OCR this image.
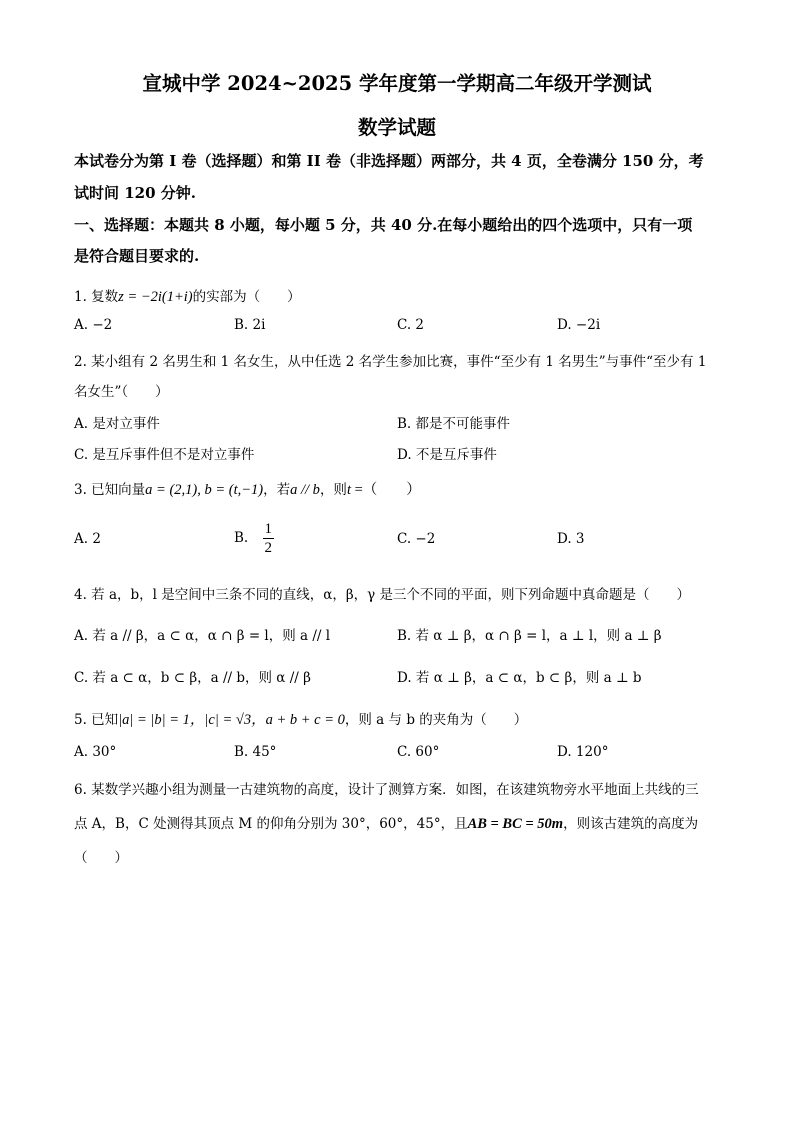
宣城中学 2024~2025 学年度第一学期高二年级开学测试
数学试题
本试卷分为第 I 卷（选择题）和第 II 卷（非选择题）两部分，共 4 页，全卷满分 150 分，考
试时间 120 分钟.
一、选择题：本题共 8 小题，每小题 5 分，共 40 分.在每小题给出的四个选项中，只有一项
是符合题目要求的.
1. 复数z = −2i(1+i)的实部为（　　）
A. −2	B. 2i	C. 2	D. −2i
2. 某小组有 2 名男生和 1 名女生，从中任选 2 名学生参加比赛，事件“至少有 1 名男生”与事件“至少有 1
名女生”（　　）
A. 是对立事件	B. 都是不可能事件
C. 是互斥事件但不是对立事件	D. 不是互斥事件
3. 已知向量a = (2,1), b = (t,−1)，若a // b，则t =（　　）
A. 2	B. $\frac{1}{2}$	C. −2	D. 3
4. 若 a，b，l 是空间中三条不同的直线，α，β，γ 是三个不同的平面，则下列命题中真命题是（　　）
A. 若 a // β，a ⊂ α，α ∩ β = l，则 a // l	B. 若 α ⊥ β，α ∩ β = l，a ⊥ l，则 a ⊥ β
C. 若 a ⊂ α，b ⊂ β，a // b，则 α // β	D. 若 α ⊥ β，a ⊂ α，b ⊂ β，则 a ⊥ b
5. 已知|a| = |b| = 1，|c| = √3，a + b + c = 0，则 a 与 b 的夹角为（　　）
A. 30°	B. 45°	C. 60°	D. 120°
6. 某数学兴趣小组为测量一古建筑物的高度，设计了测算方案．如图，在该建筑物旁水平地面上共线的三
点 A，B，C 处测得其顶点 M 的仰角分别为 30°，60°，45°，且AB = BC = 50m，则该古建筑的高度为
（　　）
